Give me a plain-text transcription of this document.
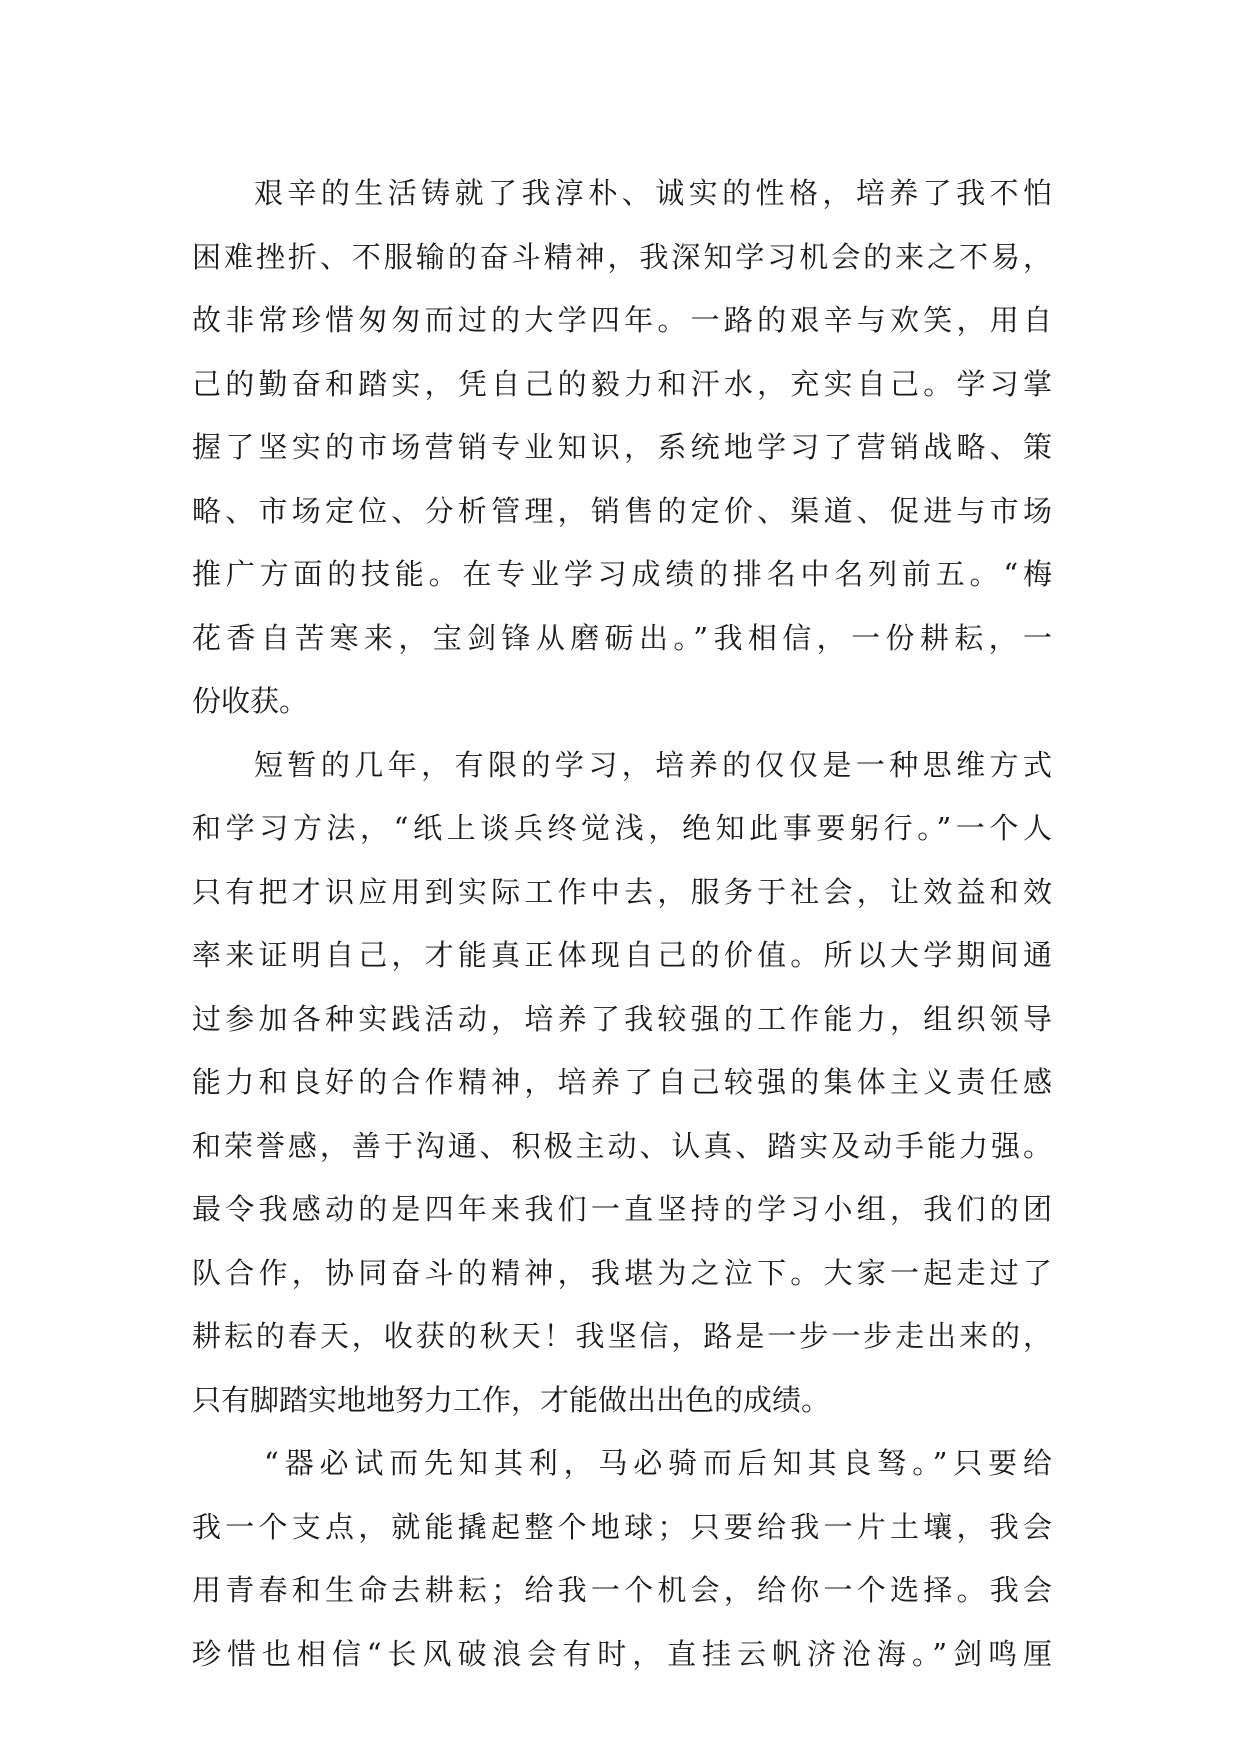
艰辛的生活铸就了我淳朴、诚实的性格，培养了我不怕
困难挫折、不服输的奋斗精神，我深知学习机会的来之不易，
故非常珍惜匆匆而过的大学四年。一路的艰辛与欢笑，用自
己的勤奋和踏实，凭自己的毅力和汗水，充实自己。学习掌
握了坚实的市场营销专业知识，系统地学习了营销战略、策
略、市场定位、分析管理，销售的定价、渠道、促进与市场
推广方面的技能。在专业学习成绩的排名中名列前五。“梅
花香自苦寒来，宝剑锋从磨砺出。”我相信，一份耕耘，一
份收获。
短暂的几年，有限的学习，培养的仅仅是一种思维方式
和学习方法，“纸上谈兵终觉浅，绝知此事要躬行。”一个人
只有把才识应用到实际工作中去，服务于社会，让效益和效
率来证明自己，才能真正体现自己的价值。所以大学期间通
过参加各种实践活动，培养了我较强的工作能力，组织领导
能力和良好的合作精神，培养了自己较强的集体主义责任感
和荣誉感，善于沟通、积极主动、认真、踏实及动手能力强。
最令我感动的是四年来我们一直坚持的学习小组，我们的团
队合作，协同奋斗的精神，我堪为之泣下。大家一起走过了
耕耘的春天，收获的秋天！我坚信，路是一步一步走出来的，
只有脚踏实地地努力工作，才能做出出色的成绩。
“器必试而先知其利，马必骑而后知其良驽。”只要给
我一个支点，就能撬起整个地球；只要给我一片土壤，我会
用青春和生命去耕耘；给我一个机会，给你一个选择。我会
珍惜也相信“长风破浪会有时，直挂云帆济沧海。”剑鸣厘
